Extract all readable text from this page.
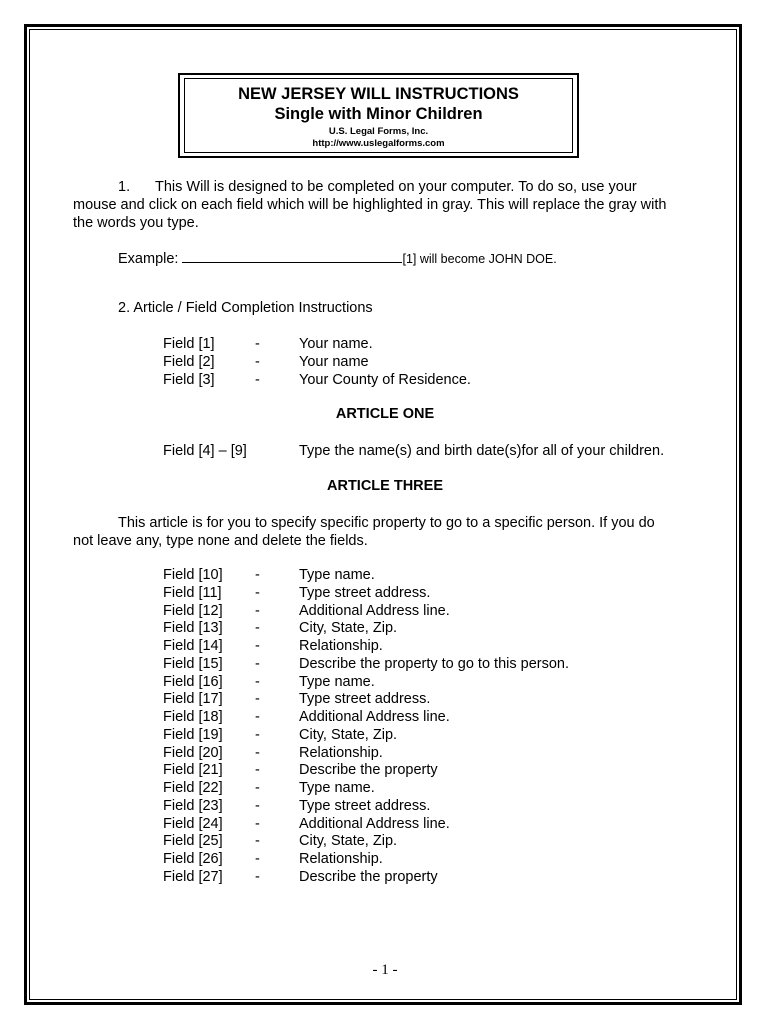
NEW JERSEY WILL INSTRUCTIONS
Single with Minor Children
U.S. Legal Forms, Inc.
http://www.uslegalforms.com
1. This Will is designed to be completed on your computer. To do so, use your
mouse and click on each field which will be highlighted in gray. This will replace the gray with
the words you type.
Example:	[1] will become JOHN DOE.
2. Article / Field Completion Instructions
Field [1]	-	Your name.
Field [2]	-	Your name
Field [3]	-	Your County of Residence.
ARTICLE ONE
Field [4] – [9]	Type the name(s) and birth date(s)for all of your children.
ARTICLE THREE
This article is for you to specify specific property to go to a specific person. If you do
not leave any, type none and delete the fields.
Field [10] -	Type name.
Field [11] -	Type street address.
Field [12] -	Additional Address line.
Field [13] -	City, State, Zip.
Field [14] -	Relationship.
Field [15] -	Describe the property to go to this person.
Field [16] -	Type name.
Field [17] -	Type street address.
Field [18] -	Additional Address line.
Field [19] -	City, State, Zip.
Field [20] -	Relationship.
Field [21] -	Describe the property
Field [22] -	Type name.
Field [23] -	Type street address.
Field [24] -	Additional Address line.
Field [25] -	City, State, Zip.
Field [26] -	Relationship.
Field [27] -	Describe the property
- 1 -
